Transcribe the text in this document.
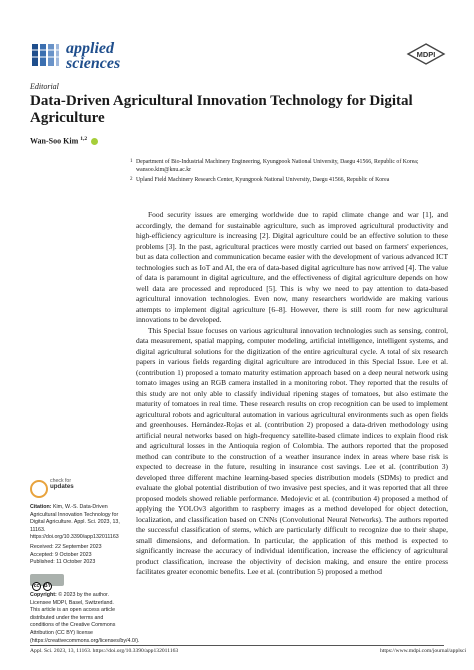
applied
sciences
MDPI
Editorial
Data-Driven Agricultural Innovation Technology for Digital Agriculture
Wan-Soo Kim $^{1,2}$
1 Department of Bio-Industrial Machinery Engineering, Kyungpook National University, Daegu 41566, Republic of Korea; wansoo.kim@knu.ac.kr
2 Upland Field Machinery Research Center, Kyungpook National University, Daegu 41566, Republic of Korea

Food security issues are emerging worldwide due to rapid climate change and war [1], and accordingly, the demand for sustainable agriculture, such as improved agricultural productivity and high-efficiency agriculture is increasing [2]. Digital agriculture could be an effective solution to these problems [3]. In the past, agricultural practices were mostly carried out based on farmers' experiences, but as data collection and communication became easier with the development of various advanced ICT technologies such as IoT and AI, the era of data-based digital agriculture has now arrived [4]. The value of data is paramount in digital agriculture, and the effectiveness of digital agriculture depends on how well data are processed and reproduced [5]. This is why we need to pay attention to data-based agricultural innovation technologies. Even now, many researchers worldwide are making various attempts to implement digital agriculture [6–8]. However, there is still room for new agricultural innovations to be developed.

This Special Issue focuses on various agricultural innovation technologies such as sensing, control, data measurement, spatial mapping, computer modeling, artificial intelligence, intelligent systems, and digital agricultural solutions for the digitization of the entire agricultural cycle. A total of six research papers in various fields regarding digital agriculture are introduced in this Special Issue. Lee et al. (contribution 1) proposed a tomato maturity estimation approach based on a deep neural network using tomato images using an RGB camera installed in a monitoring robot. They reported that the results of this study are not only able to classify individual ripening stages of tomatoes, but also estimate the maturity of tomatoes in real time. These research results on crop recognition can be used to implement agricultural robots and agricultural automation in various agricultural environments such as open fields and greenhouses. Hernández-Rojas et al. (contribution 2) proposed a data-driven methodology using artificial neural networks based on high-frequency satellite-based climate indices to explain flood risk and agricultural losses in the Antioquia region of Colombia. The authors reported that the proposed method can contribute to the construction of a weather insurance index in areas where base risk is expected to decrease in the future, resulting in insurance cost savings. Lee et al. (contribution 3) developed three different machine learning-based species distribution models (SDMs) to predict and evaluate the global potential distribution of two invasive pest species, and it was reported that all three proposed models showed reliable performance. Medojevic et al. (contribution 4) proposed a method of applying the YOLOv3 algorithm to raspberry images as a method developed for object detection, localization, and classification based on CNNs (Convolutional Neural Networks). The authors reported the successful classification of stems, which are particularly difficult to recognize due to their shape, small dimensions, and deformation. In particular, the application of this method is expected to significantly increase the accuracy of individual identification, increase the efficiency of agricultural product classification, increase the objectivity of decision making, and ensure the entire process facilitates greater economic benefits. Lee et al. (contribution 5) proposed a method

check for
updates
Citation: Kim, W.-S. Data-Driven Agricultural Innovation Technology for Digital Agriculture. Appl. Sci. 2023, 13, 11163. https://doi.org/10.3390/app132011163
Received: 22 September 2023
Accepted: 9 October 2023
Published: 11 October 2023
cc BY
Copyright: © 2023 by the author. Licensee MDPI, Basel, Switzerland. This article is an open access article distributed under the terms and conditions of the Creative Commons Attribution (CC BY) license (https://creativecommons.org/licenses/by/4.0/).
Appl. Sci. 2023, 13, 11163. https://doi.org/10.3390/app132011163	https://www.mdpi.com/journal/applsci
